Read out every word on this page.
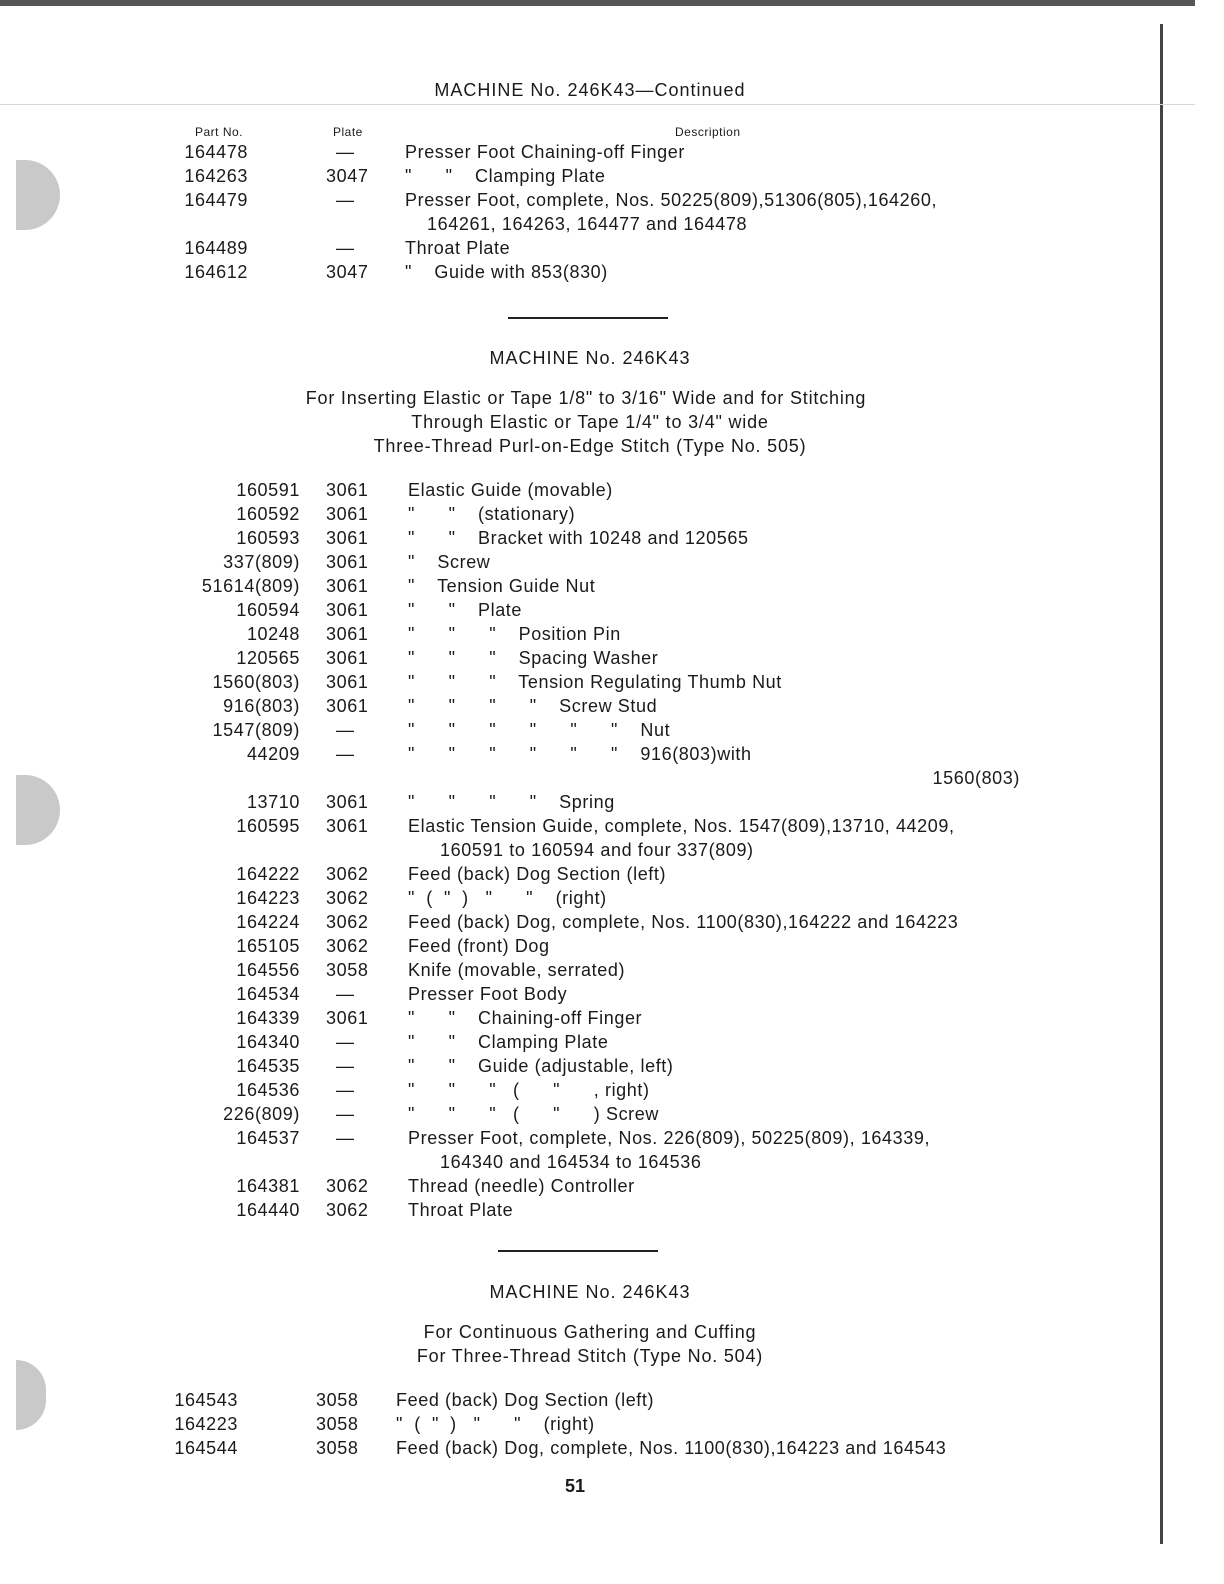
MACHINE No. 246K43—Continued
Part No.	Plate	Description
164478	—	Presser Foot Chaining-off Finger
164263	3047 "      "    Clamping Plate
164479	—	Presser Foot, complete, Nos. 50225(809),51306(805),164260,
164261, 164263, 164477 and 164478
164489	—	Throat Plate
164612	3047 "    Guide with 853(830)
MACHINE No. 246K43
For Inserting Elastic or Tape 1/8" to 3/16" Wide and for Stitching
Through Elastic or Tape 1/4" to 3/4" wide
Three-Thread Purl-on-Edge Stitch (Type No. 505)
160591 3061 Elastic Guide (movable)
160592 3061 "      "    (stationary)
160593 3061 "      "    Bracket with 10248 and 120565
337(809) 3061 "    Screw
51614(809) 3061 "    Tension Guide Nut
160594 3061 "      "    Plate
10248 3061 "      "      "    Position Pin
120565 3061 "      "      "    Spacing Washer
1560(803) 3061 "      "      "    Tension Regulating Thumb Nut
916(803) 3061 "      "      "      "    Screw Stud
1547(809) —	"      "      "      "      "      "    Nut
44209 —	"      "      "      "      "      "    916(803)with
1560(803)
13710 3061 "      "      "      "    Spring
160595 3061 Elastic Tension Guide, complete, Nos. 1547(809),13710, 44209,
160591 to 160594 and four 337(809)
164222 3062 Feed (back) Dog Section (left)
164223 3062 "  (  "  )   "      "    (right)
164224 3062 Feed (back) Dog, complete, Nos. 1100(830),164222 and 164223
165105 3062 Feed (front) Dog
164556 3058 Knife (movable, serrated)
164534 —	Presser Foot Body
164339 3061 "      "    Chaining-off Finger
164340 —	"      "    Clamping Plate
164535 —	"      "    Guide (adjustable, left)
164536 —	"      "      "   (      "      , right)
226(809) —	"      "      "   (      "      ) Screw
164537 —	Presser Foot, complete, Nos. 226(809), 50225(809), 164339,
164340 and 164534 to 164536
164381 3062 Thread (needle) Controller
164440 3062 Throat Plate
MACHINE No. 246K43
For Continuous Gathering and Cuffing
For Three-Thread Stitch (Type No. 504)
164543	3058 Feed (back) Dog Section (left)
164223	3058 "  (  "  )   "      "    (right)
164544	3058 Feed (back) Dog, complete, Nos. 1100(830),164223 and 164543
51
